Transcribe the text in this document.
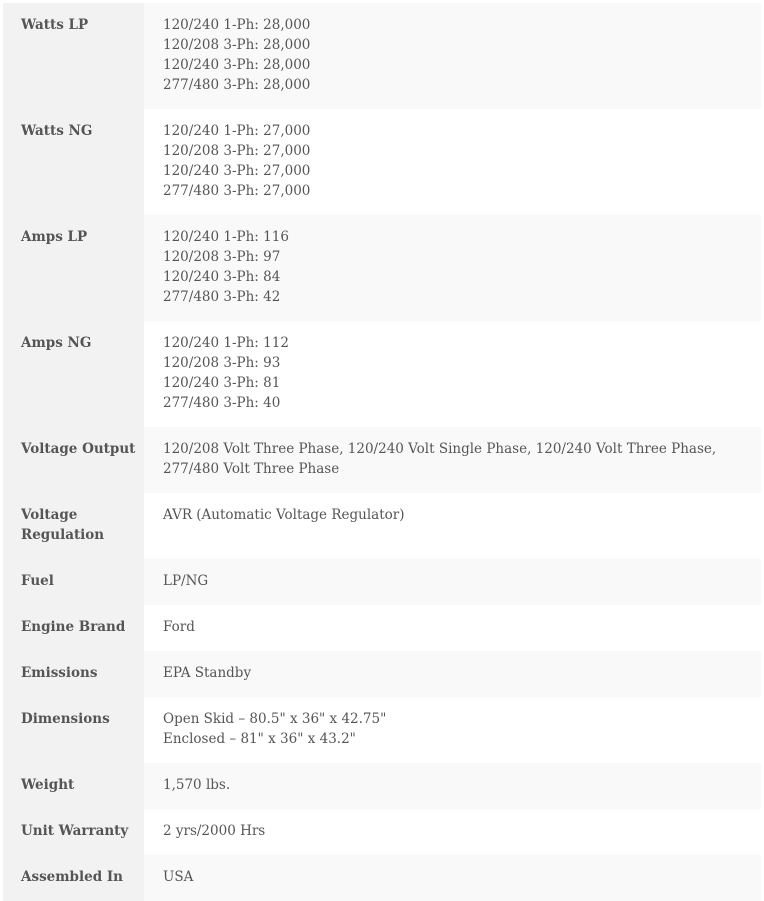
Watts LP	120/240 1-Ph: 28,000
120/208 3-Ph: 28,000
120/240 3-Ph: 28,000
277/480 3-Ph: 28,000

Watts NG	120/240 1-Ph: 27,000
120/208 3-Ph: 27,000
120/240 3-Ph: 27,000
277/480 3-Ph: 27,000

Amps LP	120/240 1-Ph: 116
120/208 3-Ph: 97
120/240 3-Ph: 84
277/480 3-Ph: 42

Amps NG	120/240 1-Ph: 112
120/208 3-Ph: 93
120/240 3-Ph: 81
277/480 3-Ph: 40

Voltage Output	120/208 Volt Three Phase, 120/240 Volt Single Phase, 120/240 Volt Three Phase, 277/480 Volt Three Phase

Voltage Regulation	AVR (Automatic Voltage Regulator)

Fuel	LP/NG

Engine Brand	Ford

Emissions	EPA Standby

Dimensions	Open Skid – 80.5" x 36" x 42.75"
Enclosed – 81" x 36" x 43.2"

Weight	1,570 lbs.

Unit Warranty	2 yrs/2000 Hrs

Assembled In	USA
